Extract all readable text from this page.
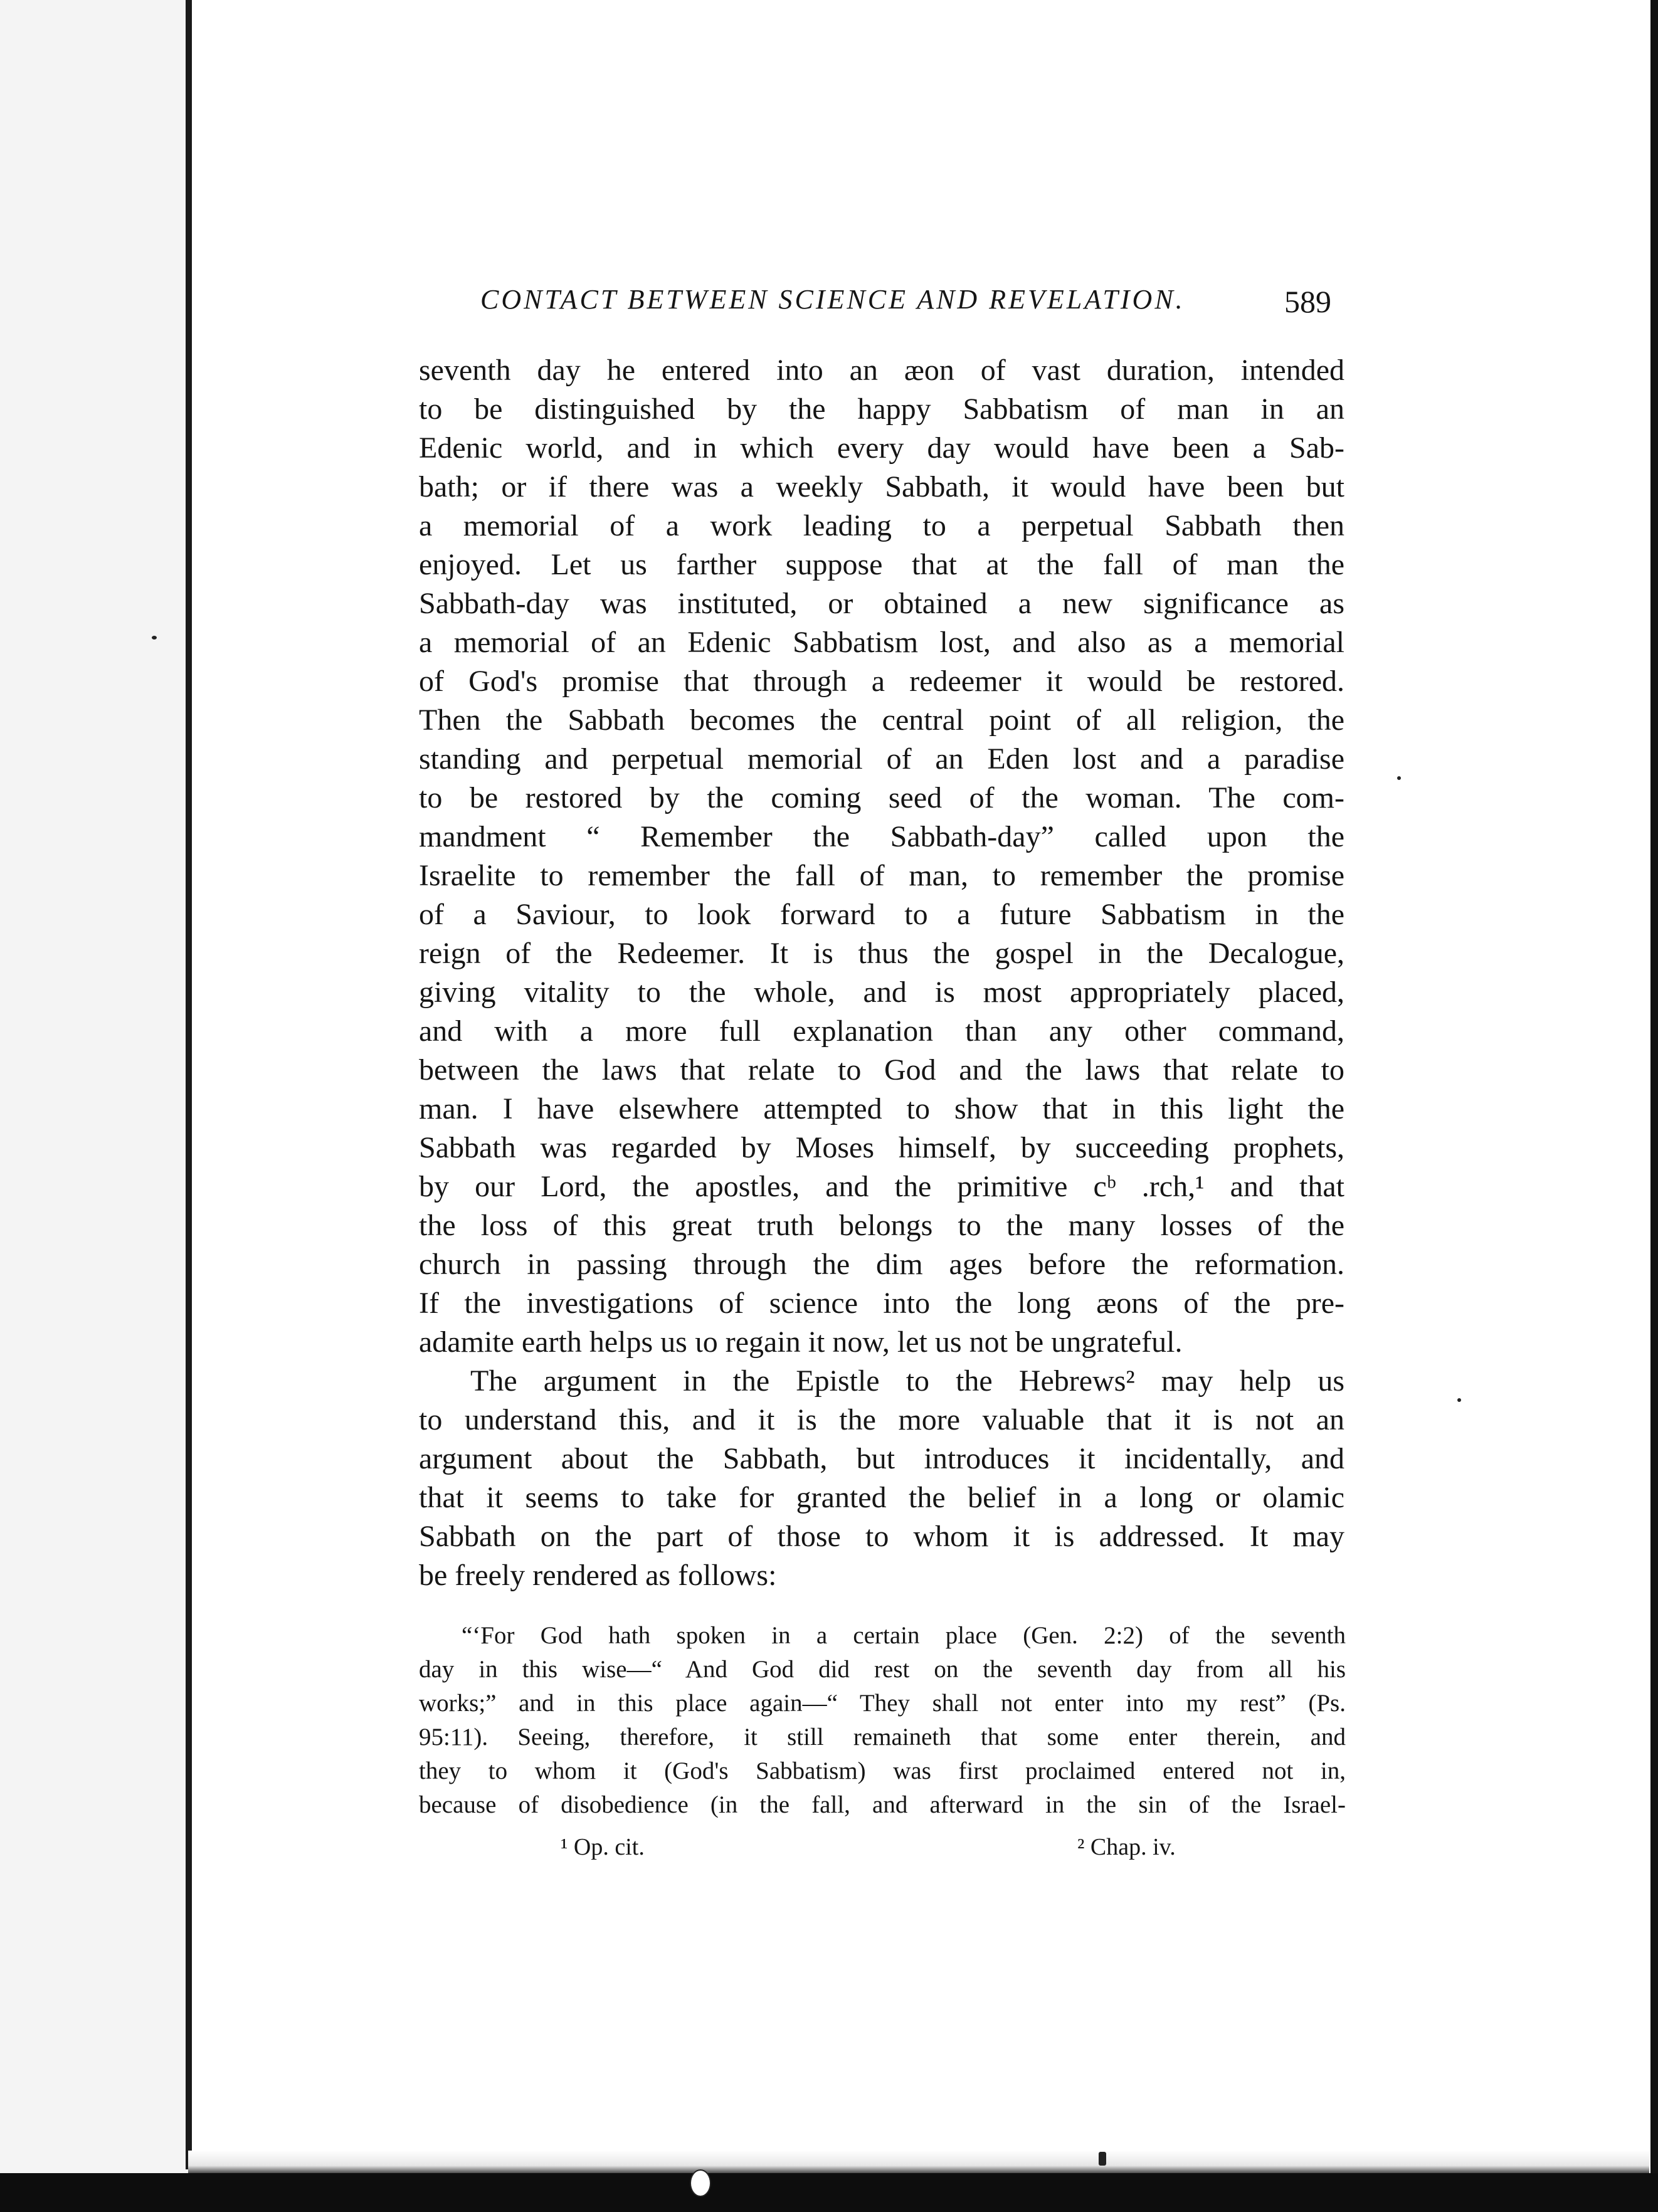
CONTACT BETWEEN SCIENCE AND REVELATION.	589
seventh day he entered into an æon of vast duration, intended
to be distinguished by the happy Sabbatism of man in an
Edenic world, and in which every day would have been a Sab-
bath; or if there was a weekly Sabbath, it would have been but
a memorial of a work leading to a perpetual Sabbath then
enjoyed. Let us farther suppose that at the fall of man the
Sabbath-day was instituted, or obtained a new significance as
a memorial of an Edenic Sabbatism lost, and also as a memorial
of God's promise that through a redeemer it would be restored.
Then the Sabbath becomes the central point of all religion, the
standing and perpetual memorial of an Eden lost and a paradise
to be restored by the coming seed of the woman. The com-
mandment “ Remember the Sabbath-day” called upon the
Israelite to remember the fall of man, to remember the promise
of a Saviour, to look forward to a future Sabbatism in the
reign of the Redeemer. It is thus the gospel in the Decalogue,
giving vitality to the whole, and is most appropriately placed,
and with a more full explanation than any other command,
between the laws that relate to God and the laws that relate to
man. I have elsewhere attempted to show that in this light the
Sabbath was regarded by Moses himself, by succeeding prophets,
by our Lord, the apostles, and the primitive cᵇ .rch,¹ and that
the loss of this great truth belongs to the many losses of the
church in passing through the dim ages before the reformation.
If the investigations of science into the long æons of the pre-
adamite earth helps us ιo regain it now, let us not be ungrateful.
The argument in the Epistle to the Hebrews² may help us
to understand this, and it is the more valuable that it is not an
argument about the Sabbath, but introduces it incidentally, and
that it seems to take for granted the belief in a long or olamic
Sabbath on the part of those to whom it is addressed. It may
be freely rendered as follows:
“‘For God hath spoken in a certain place (Gen. 2:2) of the seventh
day in this wise—“ And God did rest on the seventh day from all his
works;” and in this place again—“ They shall not enter into my rest” (Ps.
95:11). Seeing, therefore, it still remaineth that some enter therein, and
they to whom it (God's Sabbatism) was first proclaimed entered not in,
because of disobedience (in the fall, and afterward in the sin of the Israel-
¹ Op. cit.	² Chap. iv.
